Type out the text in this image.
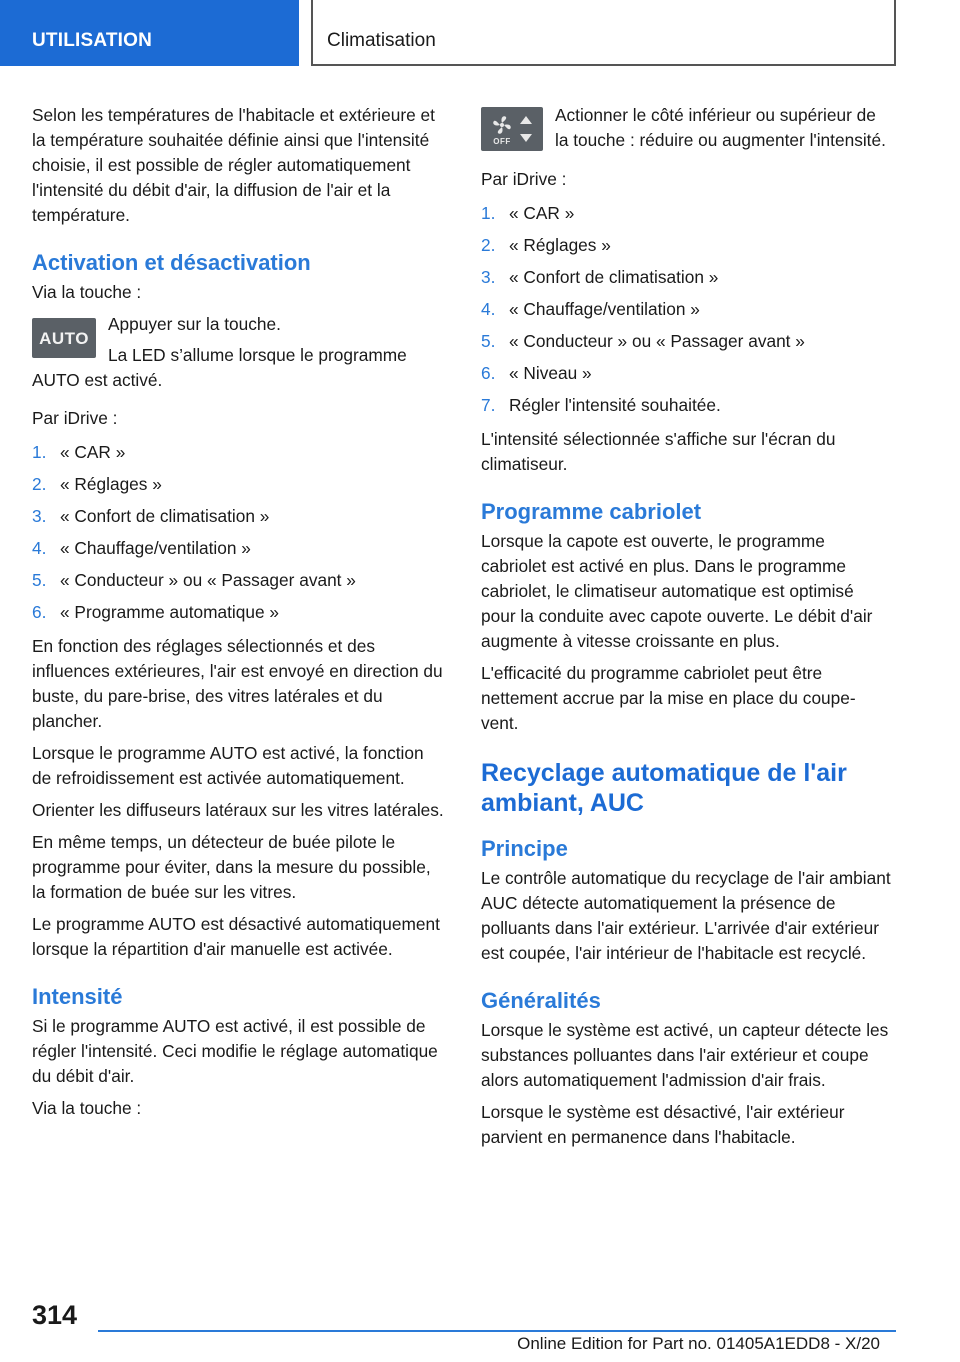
UTILISATION	Climatisation

Selon les températures de l'habitacle et extérieure et la température souhaitée définie ainsi que l'intensité choisie, il est possible de régler automatiquement l'intensité du débit d'air, la diffusion de l'air et la température.

Activation et désactivation

Via la touche :

AUTO

Appuyer sur la touche.

La LED s’allume lorsque le programme AUTO est activé.

Par iDrive :

1. « CAR »
2. « Réglages »
3. « Confort de climatisation »
4. « Chauffage/ventilation »
5. « Conducteur » ou « Passager avant »
6. « Programme automatique »

En fonction des réglages sélectionnés et des influences extérieures, l'air est envoyé en direction du buste, du pare-brise, des vitres latérales et du plancher.

Lorsque le programme AUTO est activé, la fonction de refroidissement est activée automatiquement.

Orienter les diffuseurs latéraux sur les vitres latérales.

En même temps, un détecteur de buée pilote le programme pour éviter, dans la mesure du possible, la formation de buée sur les vitres.

Le programme AUTO est désactivé automatiquement lorsque la répartition d'air manuelle est activée.

Intensité

Si le programme AUTO est activé, il est possible de régler l'intensité. Ceci modifie le réglage automatique du débit d'air.

Via la touche :

OFF

Actionner le côté inférieur ou supérieur de la touche : réduire ou augmenter l'intensité.

Par iDrive :

1. « CAR »
2. « Réglages »
3. « Confort de climatisation »
4. « Chauffage/ventilation »
5. « Conducteur » ou « Passager avant »
6. « Niveau »
7. Régler l'intensité souhaitée.

L'intensité sélectionnée s'affiche sur l'écran du climatiseur.

Programme cabriolet

Lorsque la capote est ouverte, le programme cabriolet est activé en plus. Dans le programme cabriolet, le climatiseur automatique est optimisé pour la conduite avec capote ouverte. Le débit d'air augmente à vitesse croissante en plus.

L'efficacité du programme cabriolet peut être nettement accrue par la mise en place du coupe-vent.

Recyclage automatique de l'air ambiant, AUC
Principe

Le contrôle automatique du recyclage de l'air ambiant AUC détecte automatiquement la présence de polluants dans l'air extérieur. L'arrivée d'air extérieur est coupée, l'air intérieur de l'habitacle est recyclé.

Généralités

Lorsque le système est activé, un capteur détecte les substances polluantes dans l'air extérieur et coupe alors automatiquement l'admission d'air frais.

Lorsque le système est désactivé, l'air extérieur parvient en permanence dans l'habitacle.

314
Online Edition for Part no. 01405A1EDD8 - X/20
